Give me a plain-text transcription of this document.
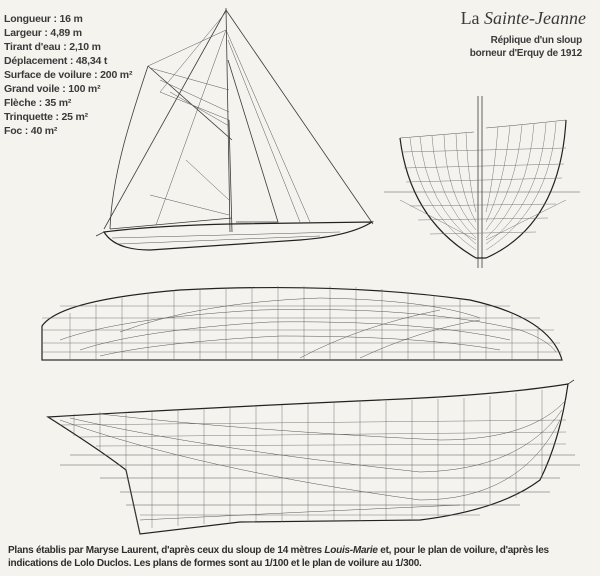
La Sainte-Jeanne
Réplique d'un sloup borneur d'Erquy de 1912
Longueur : 16 m
Largeur : 4,89 m
Tirant d'eau : 2,10 m
Déplacement : 48,34 t
Surface de voilure : 200 m²
Grand voile : 100 m²
Flèche : 35 m²
Trinquette : 25 m²
Foc : 40 m²
Plans établis par Maryse Laurent, d'après ceux du sloup de 14 mètres Louis-Marie et, pour le plan de voilure, d'après les indications de Lolo Duclos. Les plans de formes sont au 1/100 et le plan de voilure au 1/300.
